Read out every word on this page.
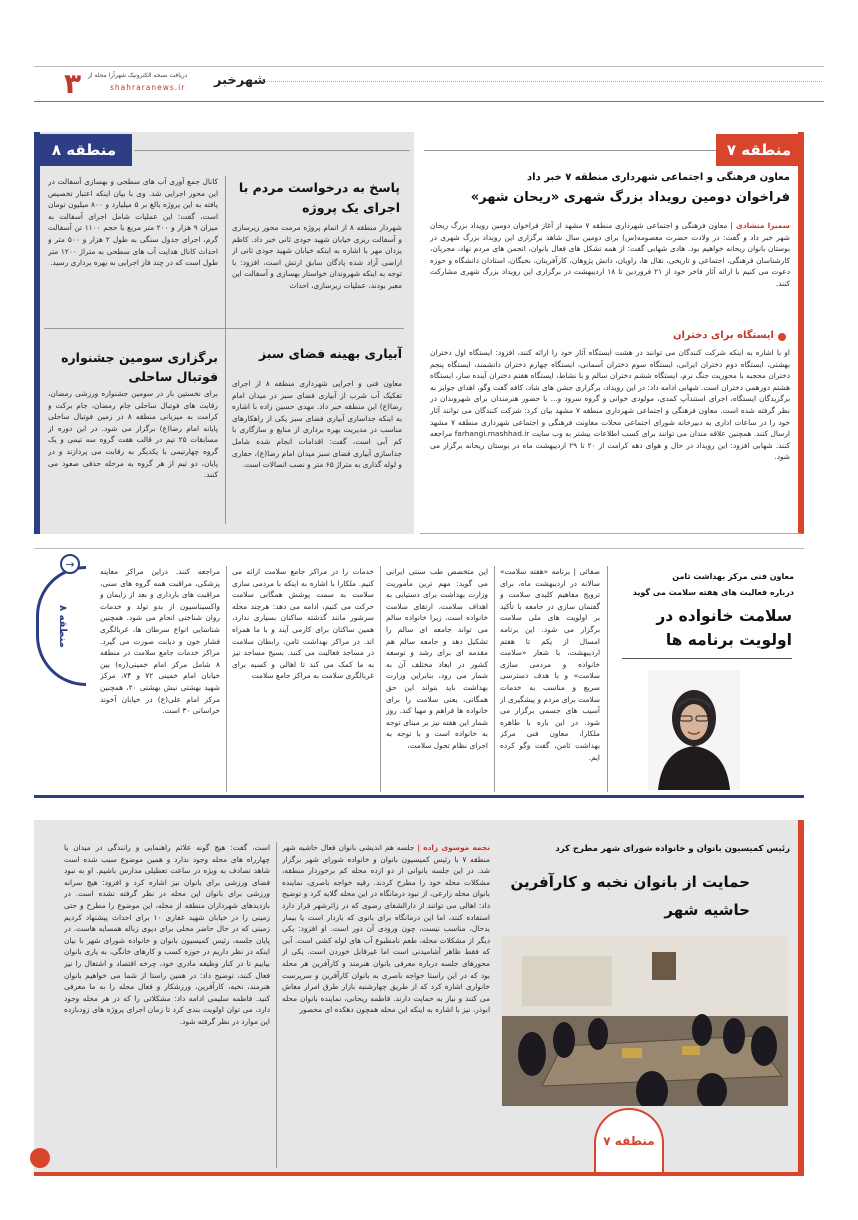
۳ دریافت نسخه الکترونیک شهرآرا محله از
shahraranews.ir شهرخبر
منطقه ۷
معاون فرهنگی و اجتماعی شهرداری منطقه ۷ خبر داد
فراخوان دومین رویداد بزرگ شهری «ریحان شهر»
سمیرا منشادی | معاون فرهنگی و اجتماعی شهرداری منطقه ۷ مشهد از آغاز فراخوان دومین رویداد بزرگ ریحان شهر خبر داد و گفت: در ولادت حضرت معصومه(س) برای دومین سال شاهد برگزاری این رویداد بزرگ شهری در بوستان بانوان ریحانه خواهیم بود. هادی شهابی گفت: از همه تشکل های فعال بانوان، انجمن های مردم نهاد، مجریان، کارشناسان فرهنگی، اجتماعی و تاریخی، نقال ها، راویان، دانش پژوهان، کارآفرینان، نخبگان، استادان دانشگاه و حوزه دعوت می کنیم با ارائه آثار فاخر خود از ۲۱ فروردین تا ۱۸ اردیبهشت در برگزاری این رویداد بزرگ شهری مشارکت کنند.
ایستگاه برای دختران
او با اشاره به اینکه شرکت کنندگان می توانند در هشت ایستگاه آثار خود را ارائه کنند، افزود: ایستگاه اول دختران بهشتی، ایستگاه دوم دختران ایرانی، ایستگاه سوم دختران آسمانی، ایستگاه چهارم دختران دانشمند، ایستگاه پنجم دختران محجبه با محوریت جنگ نرم، ایستگاه ششم دختران سالم و با نشاط، ایستگاه هفتم دختران آینده ساز، ایستگاه هشتم دورهمی دختران است. شهابی ادامه داد: در این رویداد، برگزاری جشن های شاد، کافه گفت وگو، اهدای جوایز به برگزیدگان ایستگاه، اجرای استندآپ کمدی، مولودی خوانی و گروه سرود و... با حضور هنرمندان برای شهروندان در نظر گرفته شده است. معاون فرهنگی و اجتماعی شهرداری منطقه ۷ مشهد بیان کرد: شرکت کنندگان می توانند آثار خود را در ساعات اداری به دبیرخانه شورای اجتماعی محلات معاونت فرهنگی و اجتماعی شهرداری منطقه ۷ مشهد ارسال کنند. همچنین علاقه مندان می توانند برای کسب اطلاعات بیشتر به وب سایت farhangi.mashhad.ir مراجعه کنند. شهابی افزود: این رویداد در حال و هوای دهه کرامت از ۲۰ تا ۲۹ اردیبهشت ماه در بوستان ریحانه برگزار می شود.
منطقه ۸
پاسخ به درخواست مردم با اجرای یک پروژه
شهردار منطقه ۸ از اتمام پروژه مرمت محور زیرسازی و آسفالت ریزی خیابان شهید جودی ثانی خبر داد. کاظم یزدان مهر با اشاره به اینکه خیابان شهید جودی ثانی از اراضی آزاد شده پادگان سابق ارتش است، افزود: با توجه به اینکه شهروندان خواستار بهسازی و آسفالت این معبر بودند، عملیات زیرسازی، احداث
کانال جمع آوری آب های سطحی و بهسازی آسفالت در این محور اجرایی شد. وی با بیان اینکه اعتبار تخصیص یافته به این پروژه بالغ بر ۵ میلیارد و ۸۰۰ میلیون تومان است، گفت: این عملیات شامل اجرای آسفالت به میزان ۹ هزار و ۲۰۰ متر مربع با حجم ۱۱۰۰ تن آسفالت گرم، اجرای جدول سنگی به طول ۲ هزار و ۵۰۰ متر و احداث کانال هدایت آب های سطحی به متراژ ۱۲۰۰ متر طول است که در چند فاز اجرایی به بهره برداری رسید.
آبیاری بهینه فضای سبز
معاون فنی و اجرایی شهرداری منطقه ۸ از اجرای تفکیک آب شرب از آبیاری فضای سبز در میدان امام رضا(ع) این منطقه خبر داد. مهدی حسین زاده با اشاره به اینکه جداسازی آبیاری فضای سبز یکی از راهکارهای مناسب در مدیریت بهره برداری از منابع و سازگاری با کم آبی است، گفت: اقدامات انجام شده شامل جداسازی آبیاری فضای سبز میدان امام رضا(ع)، حفاری و لوله گذاری به متراژ ۶۵ متر و نصب اتصالات است.
برگزاری سومین جشنواره فوتبال ساحلی
برای نخستین بار در سومین جشنواره ورزشی رمضان، رقابت های فوتبال ساحلی جام رمضان، جام برکت و کرامت به میزبانی منطقه ۸ در زمین فوتبال ساحلی پایانه امام رضا(ع) برگزار می شود. در این دوره از مسابقات ۲۵ تیم در قالب هفت گروه سه تیمی و یک گروه چهارتیمی با یکدیگر به رقابت می پردازند و در پایان، دو تیم از هر گروه به مرحله حذفی صعود می کنند.
منطقه ۸
→
معاون فنی مرکز بهداشت ثامن
درباره فعالیت های هفته سلامت می گوید
سلامت خانواده در اولویت برنامه ها
صفائی | برنامه «هفته سلامت» سالانه در اردیبهشت ماه، برای ترویج مفاهیم کلیدی سلامت و گفتمان سازی در جامعه با تأکید بر اولویت های ملی سلامت برگزار می شود. این برنامه امسال از یکم تا هفتم اردیبهشت، با شعار «سلامت خانواده و مردمی سازی سلامت» و با هدف دسترسی سریع و مناسب به خدمات سلامت برای مردم و پیشگیری از آسیب های جسمی برگزار می شود. در این باره با طاهره ملکارا، معاون فنی مرکز بهداشت ثامن، گفت وگو کرده ایم.
این متخصص طب سنتی ایرانی می گوید: مهم ترین مأموریت وزارت بهداشت برای دستیابی به اهداف سلامت، ارتقای سلامت خانواده است، زیرا خانواده سالم می تواند جامعه ای سالم را تشکیل دهد و جامعه سالم هم مقدمه ای برای رشد و توسعه کشور در ابعاد مختلف آن به شمار می رود، بنابراین وزارت بهداشت باید بتواند این حق همگانی، یعنی سلامت را برای خانواده ها فراهم و مهیا کند. روز شمار این هفته نیز بر مبنای توجه به خانواده است و با توجه به اجرای نظام تحول سلامت،
خدمات را در مراکز جامع سلامت ارائه می کنیم. ملکارا با اشاره به اینکه با مردمی سازی سلامت به سمت پوشش همگانی سلامت حرکت می کنیم، ادامه می دهد: هرچند محله سرشور مانند گذشته ساکنان بسیاری ندارد، همین ساکنان برای کارمی آیند و با ما همراه اند. در مراکز بهداشت ثامن، رابطان سلامت در مساجد فعالیت می کنند. بسیج مساجد نیز به ما کمک می کند تا اهالی و کسبه برای غربالگری سلامت به مراکز جامع سلامت
مراجعه کنند. دراین مراکز معاینه پزشکی، مراقبت همه گروه های سنی، مراقبت های بارداری و بعد از زایمان و واکسیناسیون از بدو تولد و خدمات روان شناختی انجام می شود. همچنین شناسایی انواع سرطان ها، غربالگری فشار خون و دیابت صورت می گیرد. مراکز خدمات جامع سلامت در منطقه ۸ شامل مرکز امام خمینی(ره) بین خیابان امام خمینی ۷۲ و ۷۴، مرکز شهید بهشتی نبش بهشتی ۲۰، همچنین مرکز امام علی(ع) در خیابان آخوند خراسانی ۳۰ است.
رئیس کمیسیون بانوان و خانواده شورای شهر مطرح کرد
حمایت از بانوان نخبه و کارآفرین حاشیه شهر
منطقه ۷
نجمه موسوی زاده | جلسه هم اندیشی بانوان فعال حاشیه شهر منطقه ۷ با رئیس کمیسیون بانوان و خانواده شورای شهر برگزار شد. در این جلسه بانوانی از دو ازده محله کم برخوردار منطقه، مشکلات محله خود را مطرح کردند. رقیه خواجه باصری، نماینده بانوان محله زارعی، از نبود درمانگاه در این محله گلایه کرد و توضیح داد: اهالی می توانند از دارالشفای رضوی که در زائرشهر قرار دارد استفاده کنند، اما این درمانگاه برای بانوی که باردار است یا بیمار بدحال، مناسب نیست، چون ورودی آن دور است. او افزود: یکی دیگر از مشکلات محله، طعم نامطبوع آب های لوله کشی است. آبی که فقط ظاهر آشامیدنی است اما غیرقابل خوردن است. یکی از محورهای جلسه درباره معرفی بانوان هنرمند و کارآفرین هر محله بود که در این راستا خواجه باصری به بانوان کارآفرین و سرپرست خانواری اشاره کرد که از طریق چهارشنبه بازار طرق امرار معاش می کنند و نیاز به حمایت دارند. فاطمه ریحانی، نماینده بانوان محله ابوذر، نیز با اشاره به اینکه این محله همچون دهکده ای محصور
است، گفت: هیچ گونه علائم راهنمایی و رانندگی در میدان یا چهارراه های محله وجود ندارد و همین موضوع سبب شده است شاهد تصادف به ویژه در ساعت تعطیلی مدارس باشیم. او به نبود فضای ورزشی برای بانوان نیز اشاره کرد و افزود: هیچ سرانه ورزشی برای بانوان این محله در نظر گرفته نشده است. در بازدیدهای شهرداران منطقه از محله، این موضوع را مطرح و حتی زمینی را در خیابان شهید غفاری ۱۰ برای احداث پیشنهاد کردیم زمینی که در حال حاضر محلی برای دپوی زباله همسایه هاست. در پایان جلسه، رئیس کمیسیون بانوان و خانواده شورای شهر با بیان اینکه در نظر داریم در حوزه کسب و کارهای خانگی، به یاری بانوان بیاییم تا در کنار وظیفه مادری خود، چرخه اقتصاد و اشتغال را نیز فعال کنند، توضیح داد: در همین راستا از شما می خواهیم بانوان هنرمند، نخبه، کارآفرین، ورزشکار و فعال محله را به ما معرفی کنید. فاطمه سلیمی ادامه داد: مشکلاتی را که در هر محله وجود دارد، می توان اولویت بندی کرد تا زمان اجرای پروژه های زودبازده این موارد در نظر گرفته شود.
